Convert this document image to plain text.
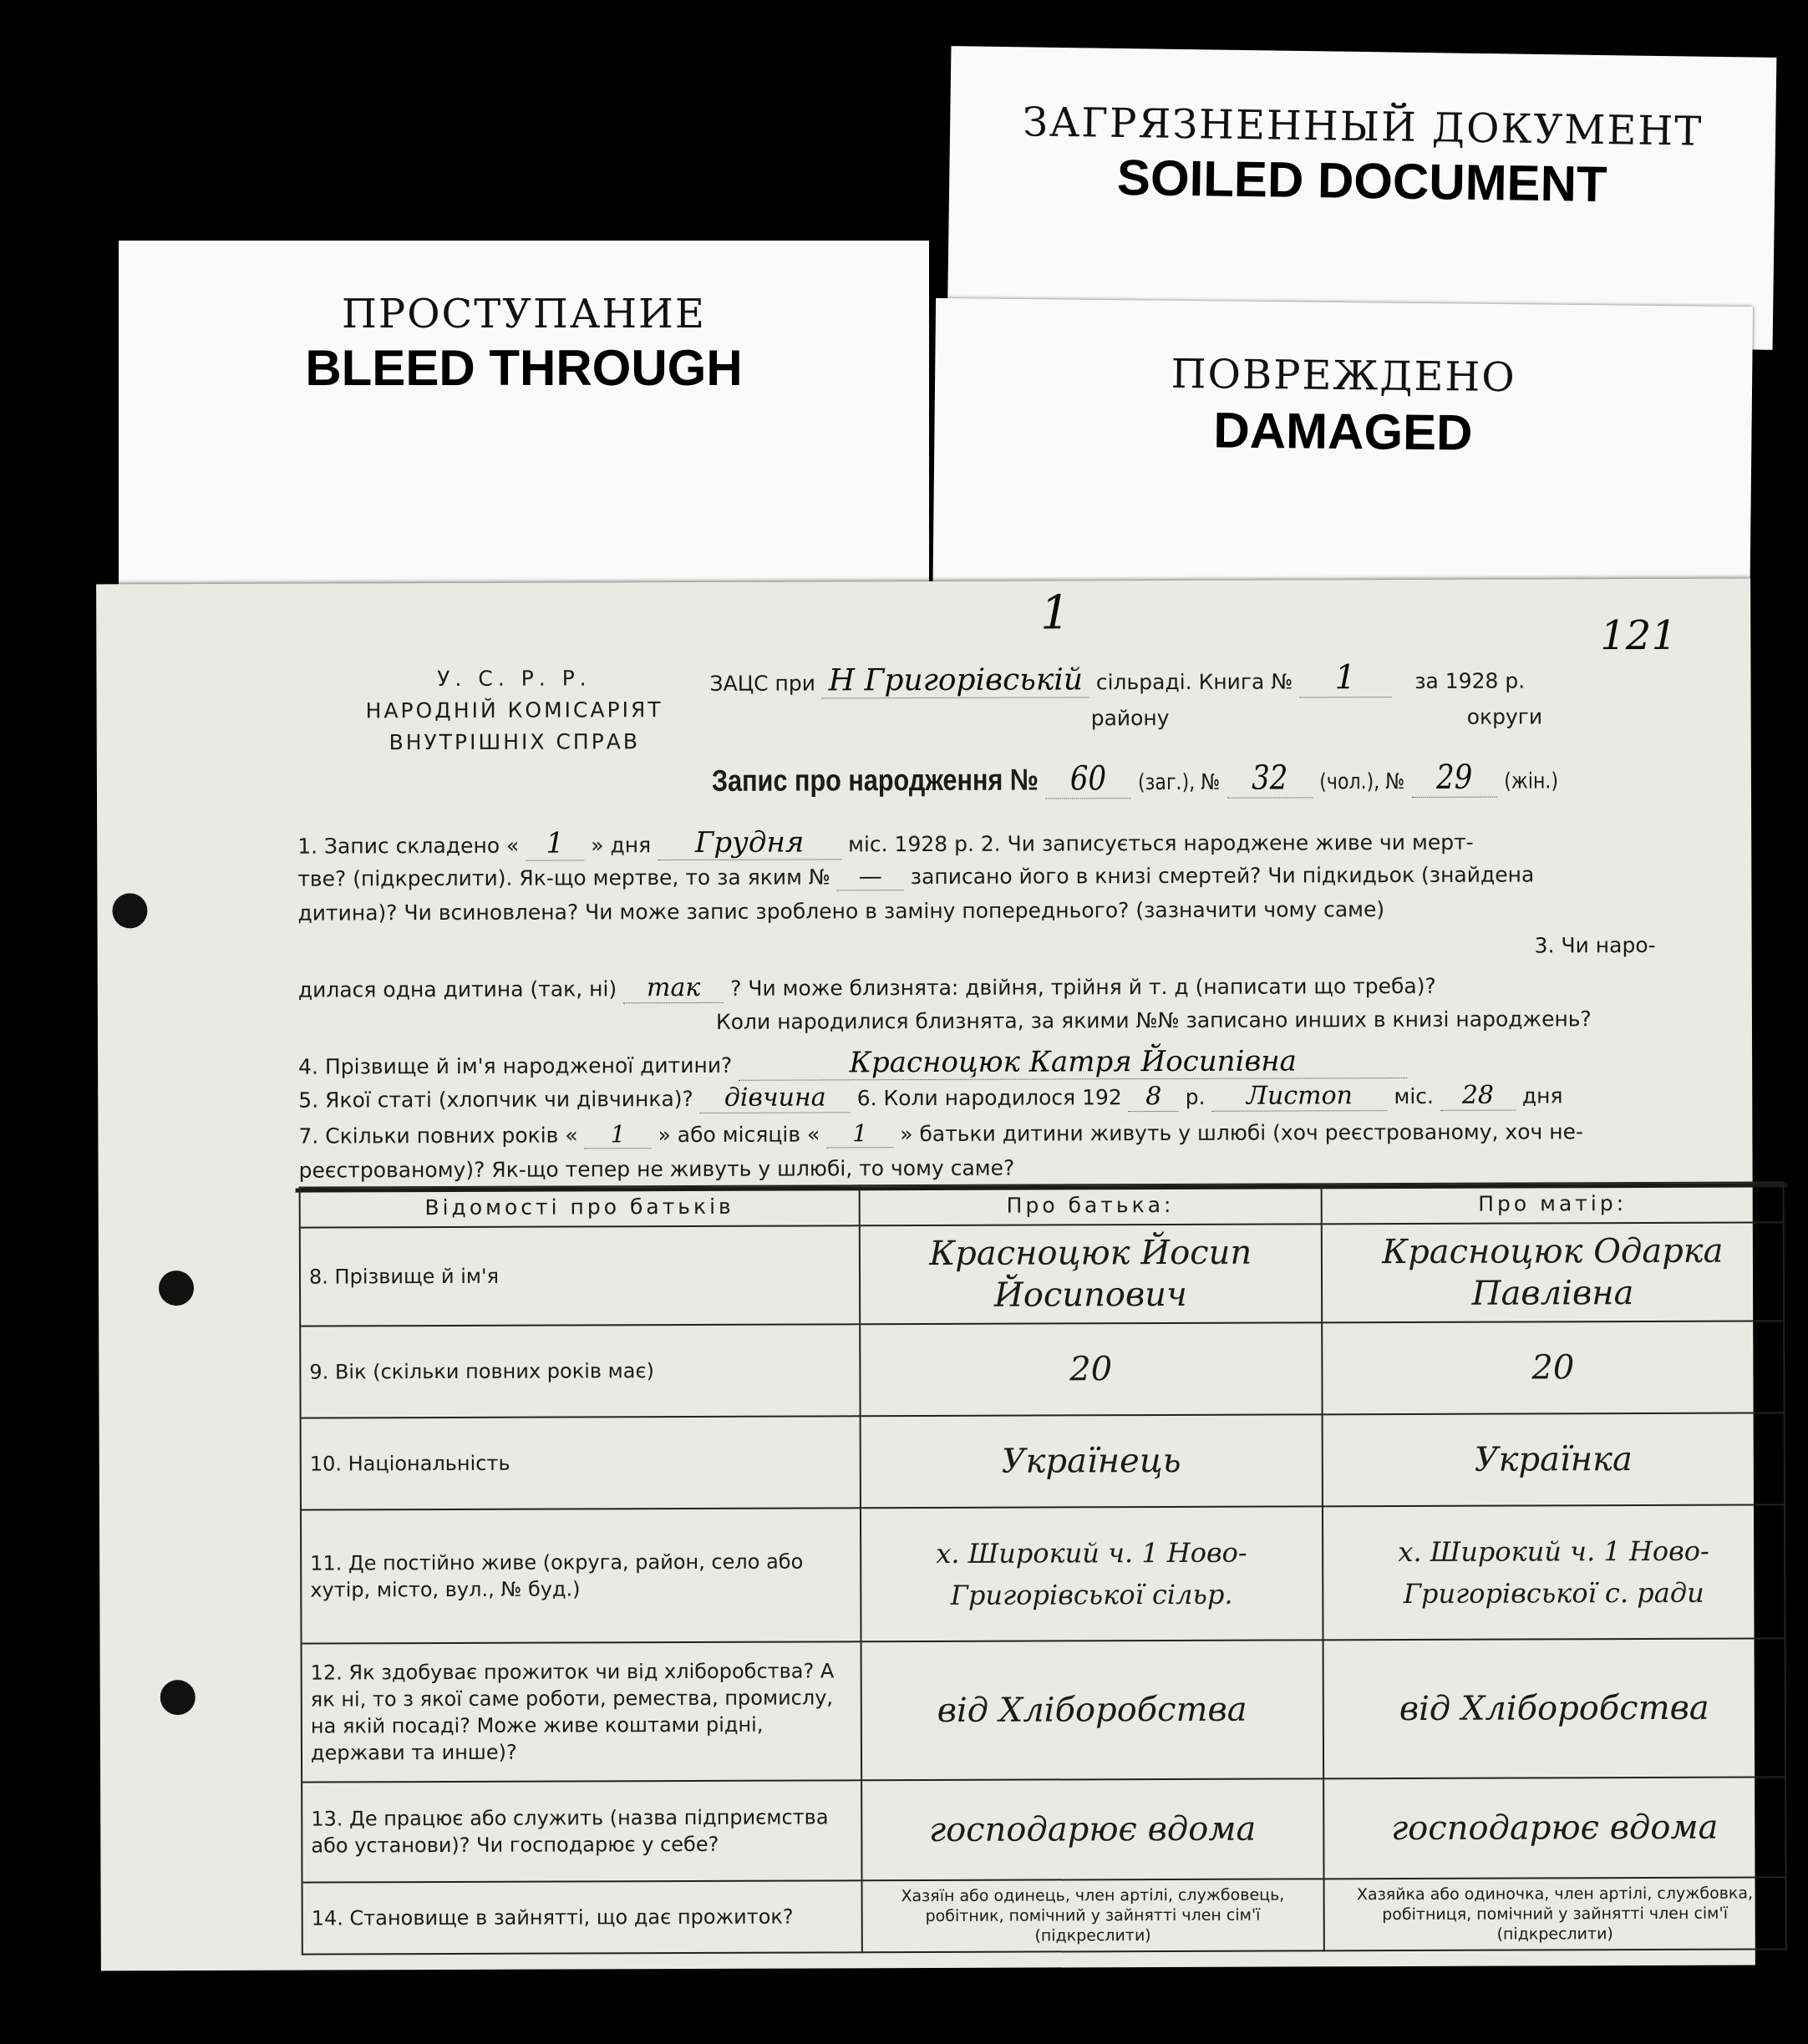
ЗАГРЯЗНЕННЫЙ ДОКУМЕНТ
SOILED DOCUMENT
ПРОСТУПАНИЕ
BLEED THROUGH	ПОВРЕЖДЕНО
DAMAGED
1	121
У. С. Р. Р.
НАРОДНІЙ КОМІСАРІЯТ
ВНУТРІШНІХ СПРАВ
ЗАЦС при Н Григорівській сільраді. Книга № 1	за 1928 р.
району	округи
Запис про народження № 60 (заг.), № 32 (чол.), № 29 (жін.)
1. Запис складено « 1 » дня Грудня міс. 1928 р. 2. Чи записується народжене живе чи мерт-
тве? (підкреслити). Як-що мертве, то за яким № — записано його в книзі смертей? Чи підкидьок (знайдена
дитина)? Чи всиновлена? Чи може запис зроблено в заміну попереднього? (зазначити чому саме)
3. Чи наро-
дилася одна дитина (так, ні) так ? Чи може близнята: двійня, трійня й т. д (написати що треба)?
Коли народилися близнята, за якими №№ записано инших в книзі народжень?
4. Прізвище й ім'я народженої дитини?	Красноцюк Катря Йосипівна
5. Якої статі (хлопчик чи дівчинка)? дівчина 6. Коли народилося 192 8 р. Листоп міс. 28 дня
7. Скільки повних років « 1 » або місяців « 1 » батьки дитини живуть у шлюбі (хоч реєстрованому, хоч не-
реєстрованому)? Як-що тепер не живуть у шлюбі, то чому саме?
Відомості про батьків	Про батька:	Про матір:
8. Прізвище й ім'я	Красноцюк Йосип Йосипович	Красноцюк Одарка Павлівна
9. Вік (скільки повних років має)	20	20
10. Національність	Українець	Українка
11. Де постійно живе (округа, район, село або хутір, місто, вул., № буд.)	х. Широкий ч. 1 Ново-Григорівської сільр.	х. Широкий ч. 1 Ново-Григорівської с. ради
12. Як здобуває прожиток чи від хліборобства? А як ні, то з якої саме роботи, ремества, промислу, на якій посаді? Може живе коштами рідні, держави та инше)?	від Хліборобства	від Хліборобства
13. Де працює або служить (назва підприємства або установи)? Чи господарює у себе?	господарює вдома	господарює вдома
14. Становище в зайнятті, що дає прожиток?	Хазяїн або одинець, член артілі, службовець, робітник, помічний у зайнятті член сім'ї (підкреслити)	Хазяйка або одиночка, член артілі, службовка, робітниця, помічний у зайнятті член сім'ї (підкреслити)
